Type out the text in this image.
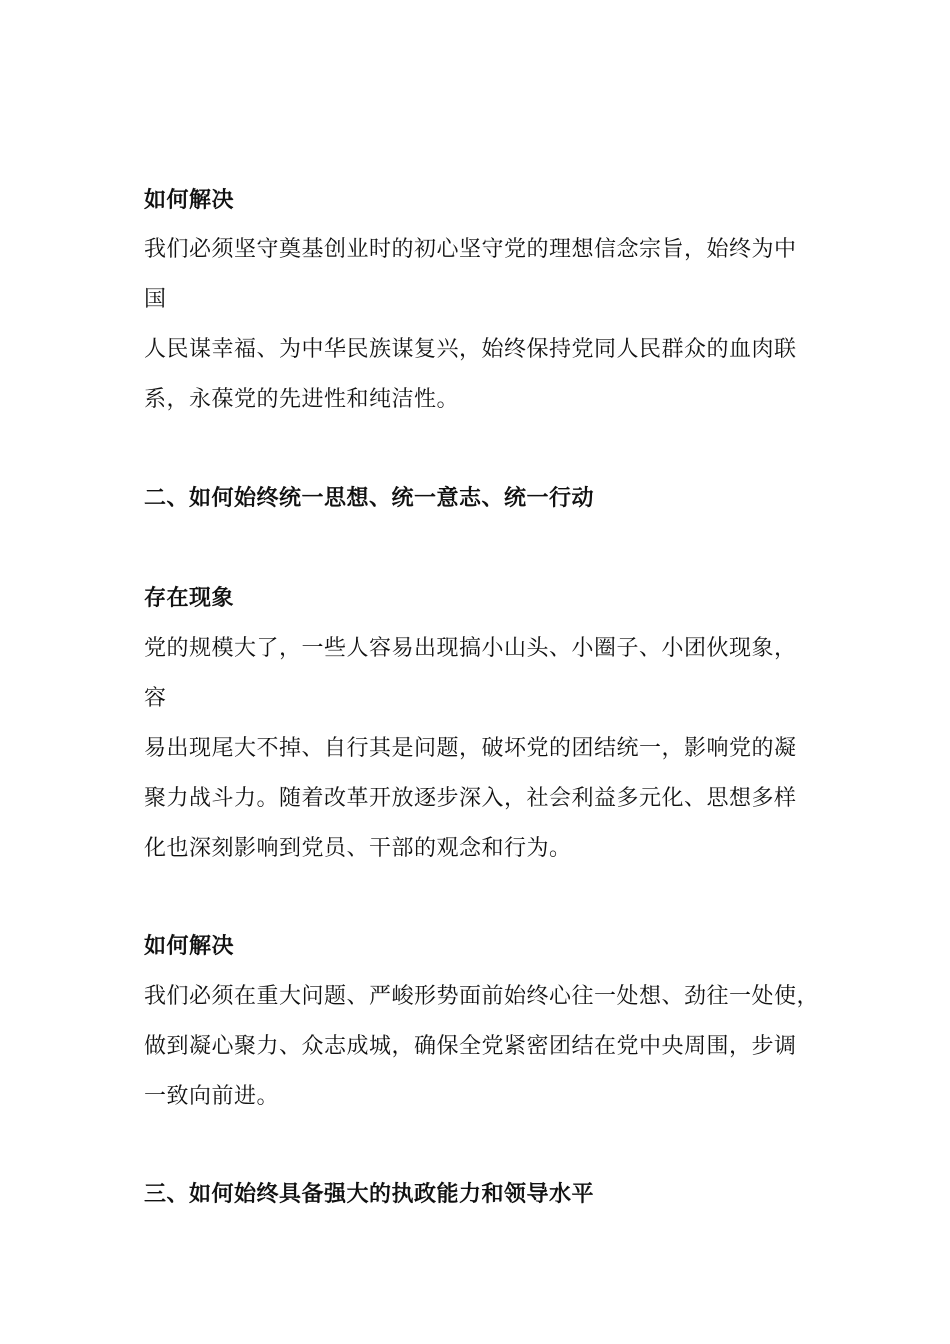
如何解决
我们必须坚守奠基创业时的初心坚守党的理想信念宗旨，始终为中
国
人民谋幸福、为中华民族谋复兴，始终保持党同人民群众的血肉联
系，永葆党的先进性和纯洁性。
二、如何始终统一思想、统一意志、统一行动
存在现象
党的规模大了，一些人容易出现搞小山头、小圈子、小团伙现象，
容
易出现尾大不掉、自行其是问题，破坏党的团结统一，影响党的凝
聚力战斗力。随着改革开放逐步深入，社会利益多元化、思想多样
化也深刻影响到党员、干部的观念和行为。
如何解决
我们必须在重大问题、严峻形势面前始终心往一处想、劲往一处使，
做到凝心聚力、众志成城，确保全党紧密团结在党中央周围，步调
一致向前进。
三、如何始终具备强大的执政能力和领导水平
